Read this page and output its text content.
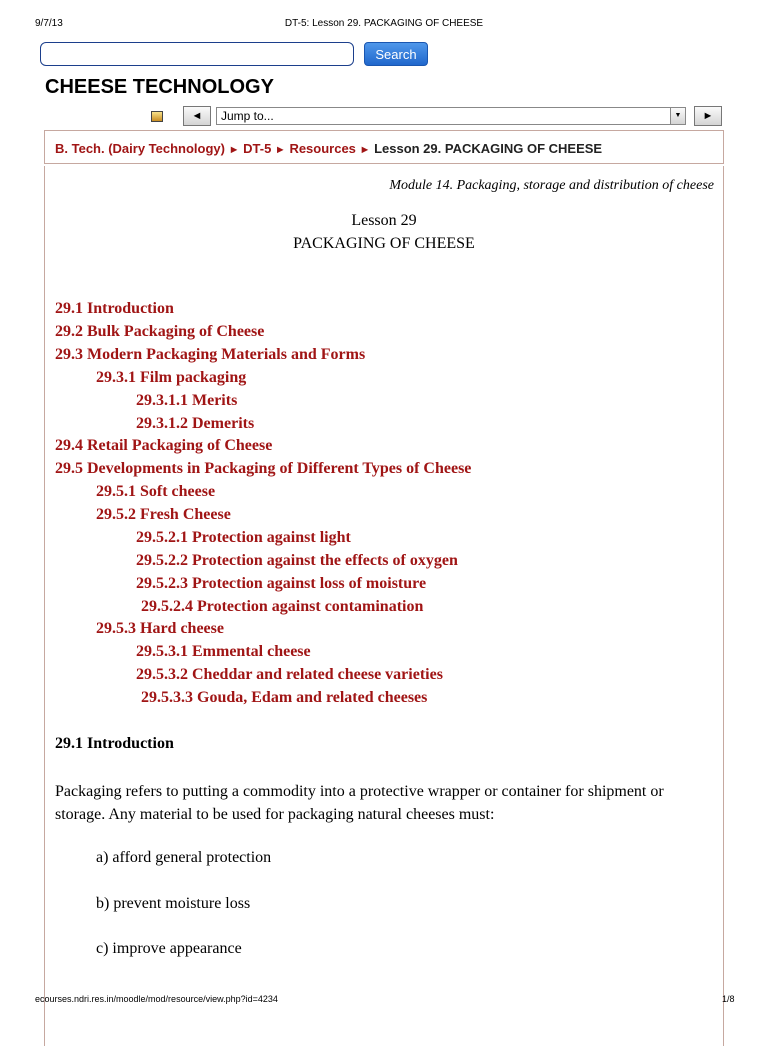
9/7/13	DT-5: Lesson 29. PACKAGING OF CHEESE
Search
CHEESE TECHNOLOGY
◄	Jump to...	▼	►
B. Tech. (Dairy Technology) ► DT-5 ► Resources ► Lesson 29. PACKAGING OF CHEESE
Module 14. Packaging, storage and distribution of cheese
Lesson 29
PACKAGING OF CHEESE
29.1 Introduction
29.2 Bulk Packaging of Cheese
29.3 Modern Packaging Materials and Forms
29.3.1 Film packaging
29.3.1.1 Merits
29.3.1.2 Demerits
29.4 Retail Packaging of Cheese
29.5 Developments in Packaging of Different Types of Cheese
29.5.1 Soft cheese
29.5.2 Fresh Cheese
29.5.2.1 Protection against light
29.5.2.2 Protection against the effects of oxygen
29.5.2.3 Protection against loss of moisture
29.5.2.4 Protection against contamination
29.5.3 Hard cheese
29.5.3.1 Emmental cheese
29.5.3.2 Cheddar and related cheese varieties
29.5.3.3 Gouda, Edam and related cheeses
29.1 Introduction

Packaging refers to putting a commodity into a protective wrapper or container for shipment or storage. Any material to be used for packaging natural cheeses must:

a) afford general protection
b) prevent moisture loss
c) improve appearance
ecourses.ndri.res.in/moodle/mod/resource/view.php?id=4234	1/8
